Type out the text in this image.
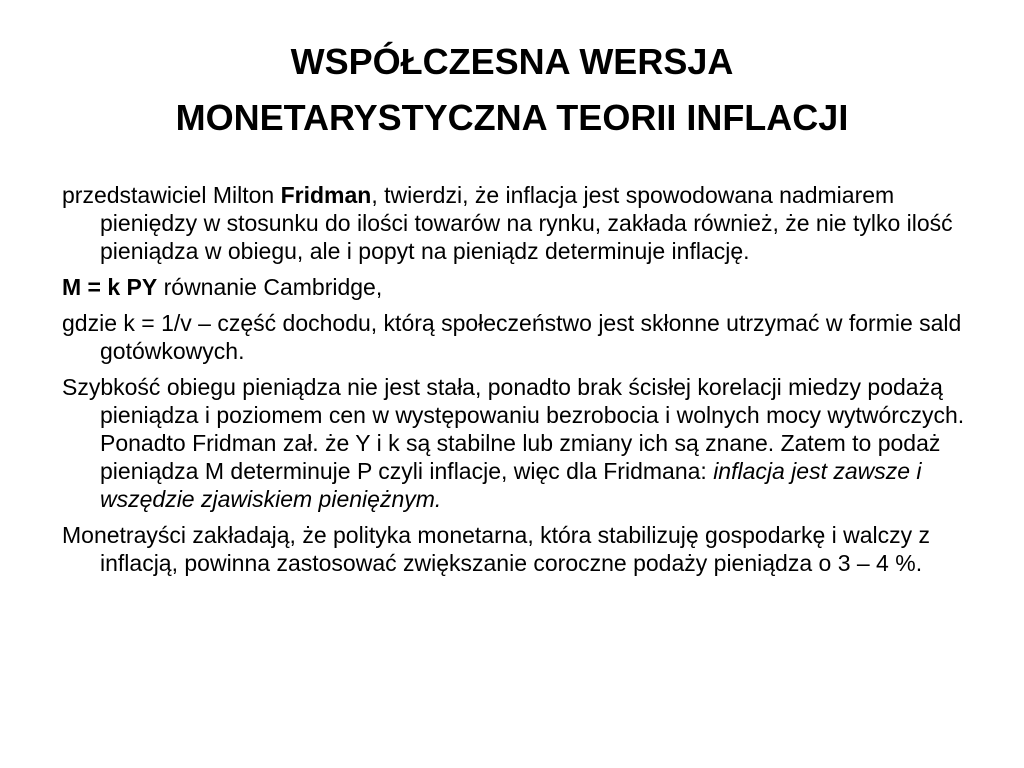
WSPÓŁCZESNA WERSJA
MONETARYSTYCZNA TEORII INFLACJI

przedstawiciel Milton Fridman, twierdzi, że inflacja jest spowodowana nadmiarem pieniędzy w stosunku do ilości towarów na rynku, zakłada również, że nie tylko ilość pieniądza w obiegu, ale i popyt na pieniądz determinuje inflację.

M = k PY równanie Cambridge,

gdzie k = 1/v – część dochodu, którą społeczeństwo jest skłonne utrzymać w formie sald gotówkowych.

Szybkość obiegu pieniądza nie jest stała, ponadto brak ścisłej korelacji miedzy podażą pieniądza i poziomem cen w występowaniu bezrobocia i wolnych mocy wytwórczych. Ponadto Fridman zał. że Y i k są stabilne lub zmiany ich są znane. Zatem to podaż pieniądza M determinuje P czyli inflacje, więc dla Fridmana: inflacja jest zawsze i wszędzie zjawiskiem pieniężnym.

Monetrayści zakładają, że polityka monetarna, która stabilizuję gospodarkę i walczy z inflacją, powinna zastosować zwiększanie coroczne podaży pieniądza o 3 – 4 %.
